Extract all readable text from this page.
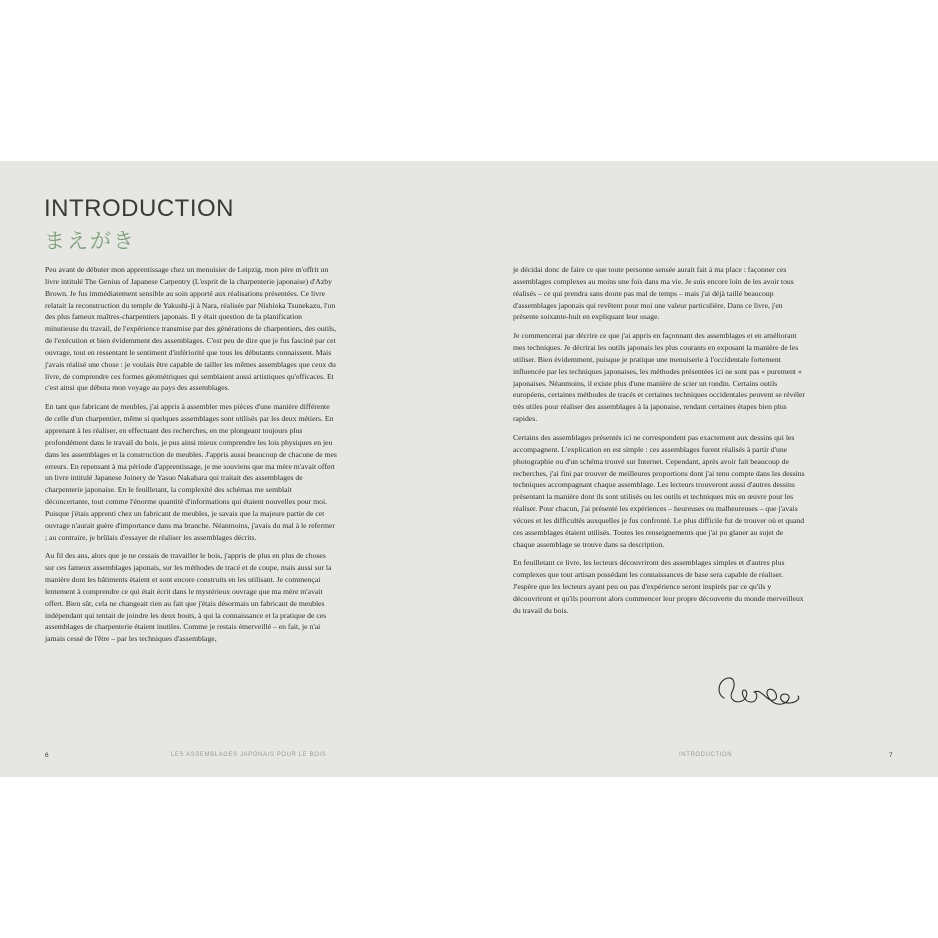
INTRODUCTION
まえがき

Peu avant de débuter mon apprentissage chez un menuisier de Leipzig, mon père m'offrit un livre intitulé The Genius of Japanese Carpentry (L'esprit de la charpenterie japonaise) d'Azby Brown. Je fus immédiatement sensible au soin apporté aux réalisations présentées. Ce livre relatait la reconstruction du temple de Yakushi-ji à Nara, réalisée par Nishioka Tsunekazu, l'un des plus fameux maîtres-charpentiers japonais. Il y était question de la planification minutieuse du travail, de l'expérience transmise par des générations de charpentiers, des outils, de l'exécution et bien évidemment des assemblages. C'est peu de dire que je fus fasciné par cet ouvrage, tout en ressentant le sentiment d'infériorité que tous les débutants connaissent. Mais j'avais réalisé une chose : je voulais être capable de tailler les mêmes assemblages que ceux du livre, de comprendre ces formes géométriques qui semblaient aussi artistiques qu'efficaces. Et c'est ainsi que débuta mon voyage au pays des assemblages.

En tant que fabricant de meubles, j'ai appris à assembler mes pièces d'une manière différente de celle d'un charpentier, même si quelques assemblages sont utilisés par les deux métiers. En apprenant à les réaliser, en effectuant des recherches, en me plongeant toujours plus profondément dans le travail du bois, je pus ainsi mieux comprendre les lois physiques en jeu dans les assemblages et la construction de meubles. J'appris aussi beaucoup de chacune de mes erreurs. En repensant à ma période d'apprentissage, je me souviens que ma mère m'avait offert un livre intitulé Japanese Joinery de Yasuo Nakahara qui traitait des assemblages de charpenterie japonaise. En le feuilletant, la complexité des schémas me semblait déconcertante, tout comme l'énorme quantité d'informations qui étaient nouvelles pour moi. Puisque j'étais apprenti chez un fabricant de meubles, je savais que la majeure partie de cet ouvrage n'aurait guère d'importance dans ma branche. Néanmoins, j'avais du mal à le refermer ; au contraire, je brûlais d'essayer de réaliser les assemblages décrits.

Au fil des ans, alors que je ne cessais de travailler le bois, j'appris de plus en plus de choses sur ces fameux assemblages japonais, sur les méthodes de tracé et de coupe, mais aussi sur la manière dont les bâtiments étaient et sont encore construits en les utilisant. Je commençai lentement à comprendre ce qui était écrit dans le mystérieux ouvrage que ma mère m'avait offert. Bien sûr, cela ne changeait rien au fait que j'étais désormais un fabricant de meubles indépendant qui tentait de joindre les deux bouts, à qui la connaissance et la pratique de ces assemblages de charpenterie étaient inutiles. Comme je restais émerveillé – en fait, je n'ai jamais cessé de l'être – par les techniques d'assemblage,

je décidai donc de faire ce que toute personne sensée aurait fait à ma place : façonner ces assemblages complexes au moins une fois dans ma vie. Je suis encore loin de les avoir tous réalisés – ce qui prendra sans doute pas mal de temps – mais j'ai déjà taillé beaucoup d'assemblages japonais qui revêtent pour moi une valeur particulière. Dans ce livre, j'en présente soixante-huit en expliquant leur usage.

Je commencerai par décrire ce que j'ai appris en façonnant des assemblages et en améliorant mes techniques. Je décrirai les outils japonais les plus courants en exposant la manière de les utiliser. Bien évidemment, puisque je pratique une menuiserie à l'occidentale fortement influencée par les techniques japonaises, les méthodes présentées ici ne sont pas « purement » japonaises. Néanmoins, il existe plus d'une manière de scier un rondin. Certains outils européens, certaines méthodes de tracés et certaines techniques occidentales peuvent se révéler très utiles pour réaliser des assemblages à la japonaise, rendant certaines étapes bien plus rapides.

Certains des assemblages présentés ici ne correspondent pas exactement aux dessins qui les accompagnent. L'explication en est simple : ces assemblages furent réalisés à partir d'une photographie ou d'un schéma trouvé sur Internet. Cependant, après avoir fait beaucoup de recherches, j'ai fini par trouver de meilleures proportions dont j'ai tenu compte dans les dessins techniques accompagnant chaque assemblage. Les lecteurs trouveront aussi d'autres dessins présentant la manière dont ils sont utilisés ou les outils et techniques mis en œuvre pour les réaliser. Pour chacun, j'ai présenté les expériences – heureuses ou malheureuses – que j'avais vécues et les difficultés auxquelles je fus confronté. Le plus difficile fut de trouver où et quand ces assemblages étaient utilisés. Toutes les renseignements que j'ai pu glaner au sujet de chaque assemblage se trouve dans sa description.

En feuilletant ce livre, les lecteurs découvriront des assemblages simples et d'autres plus complexes que tout artisan possédant les connaissances de base sera capable de réaliser. J'espère que les lecteurs ayant peu ou pas d'expérience seront inspirés par ce qu'ils y découvriront et qu'ils pourront alors commencer leur propre découverte du monde merveilleux du travail du bois.

6	LES ASSEMBLAGES JAPONAIS POUR LE BOIS	INTRODUCTION	7
